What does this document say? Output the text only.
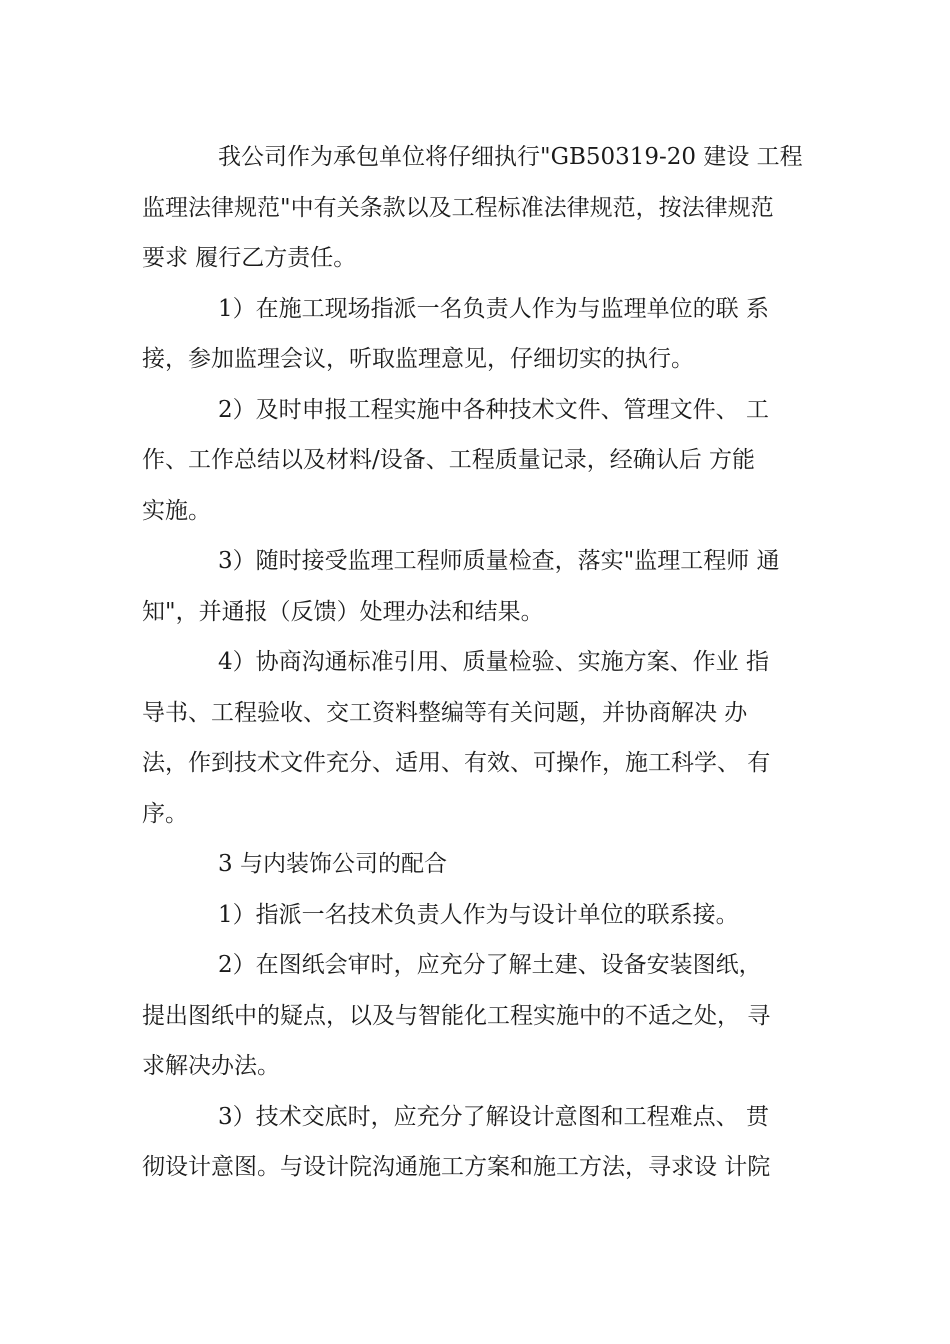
我公司作为承包单位将仔细执行"GB50319-20 建设 工程
监理法律规范"中有关条款以及工程标准法律规范，按法律规范
要求 履行乙方责任。
1）在施工现场指派一名负责人作为与监理单位的联 系
接，参加监理会议，听取监理意见，仔细切实的执行。
2）及时申报工程实施中各种技术文件、管理文件、 工
作、工作总结以及材料/设备、工程质量记录，经确认后 方能
实施。
3）随时接受监理工程师质量检查，落实"监理工程师 通
知"，并通报（反馈）处理办法和结果。
4）协商沟通标准引用、质量检验、实施方案、作业 指
导书、工程验收、交工资料整编等有关问题，并协商解决 办
法，作到技术文件充分、适用、有效、可操作，施工科学、 有
序。
3 与内装饰公司的配合
1）指派一名技术负责人作为与设计单位的联系接。
2）在图纸会审时，应充分了解土建、设备安装图纸，
提出图纸中的疑点，以及与智能化工程实施中的不适之处， 寻
求解决办法。
3）技术交底时，应充分了解设计意图和工程难点、 贯
彻设计意图。与设计院沟通施工方案和施工方法，寻求设 计院
